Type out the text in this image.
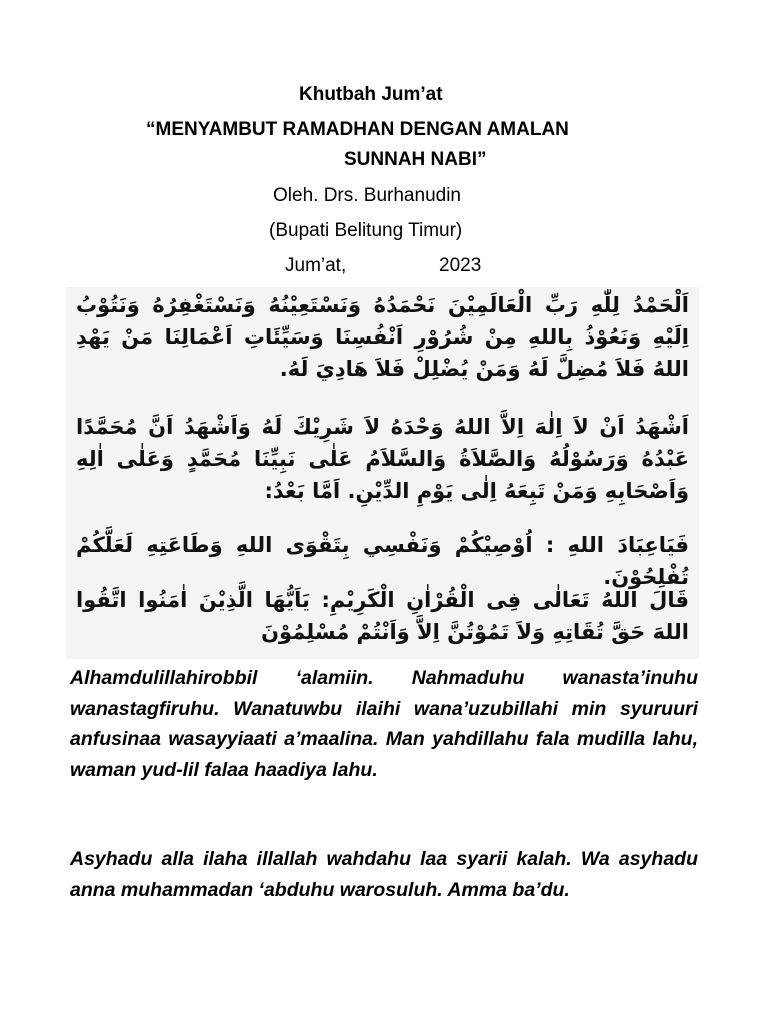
Khutbah Jum’at
“MENYAMBUT RAMADHAN DENGAN AMALAN
SUNNAH NABI”
Oleh. Drs. Burhanudin
(Bupati Belitung Timur)
Jum’at,	2023
اَلْحَمْدُ لِلّٰهِ رَبِّ الْعَالَمِيْنَ نَحْمَدُهُ وَنَسْتَعِيْنُهُ وَنَسْتَغْفِرُهُ وَنَتُوْبُ اِلَيْهِ وَنَعُوْذُ بِاللهِ مِنْ شُرُوْرِ اَنْفُسِنَا وَسَيِّئَاتِ اَعْمَالِنَا مَنْ يَهْدِ اللهُ فَلاَ مُضِلَّ لَهُ وَمَنْ يُضْلِلْ فَلاَ هَادِيَ لَهُ.
اَشْهَدُ اَنْ لاَ اِلٰهَ اِلاَّ اللهُ وَحْدَهُ لاَ شَرِيْكَ لَهُ وَاَشْهَدُ اَنَّ مُحَمَّدًا عَبْدُهُ وَرَسُوْلُهُ وَالصَّلاَةُ وَالسَّلاَمُ عَلٰى نَبِيِّنَا مُحَمَّدٍ وَعَلٰى اٰلِهِ وَاَصْحَابِهِ وَمَنْ تَبِعَهُ اِلٰى يَوْمِ الدِّيْنِ. اَمَّا بَعْدُ:
فَيَاعِبَادَ اللهِ : اُوْصِيْكُمْ وَنَفْسِي بِتَقْوَى اللهِ وَطَاعَتِهِ لَعَلَّكُمْ تُفْلِحُوْنَ.
قَالَ اللهُ تَعَالٰى فِى الْقُرْاٰنِ الْكَرِيْمِ: يَاَيُّهَا الَّذِيْنَ اٰمَنُوا اتَّقُوا اللهَ حَقَّ تُقَاتِهِ وَلاَ تَمُوْتُنَّ اِلاَّ وَاَنْتُمْ مُسْلِمُوْنَ
Alhamdulillahirobbil ‘alamiin. Nahmaduhu wanasta’inuhu wanastagfiruhu. Wanatuwbu ilaihi wana’uzubillahi min syuruuri anfusinaa wasayyiaati a’maalina. Man yahdillahu fala mudilla lahu, waman yud-lil falaa haadiya lahu.
Asyhadu alla ilaha illallah wahdahu laa syarii kalah. Wa asyhadu anna muhammadan ‘abduhu warosuluh. Amma ba’du.
